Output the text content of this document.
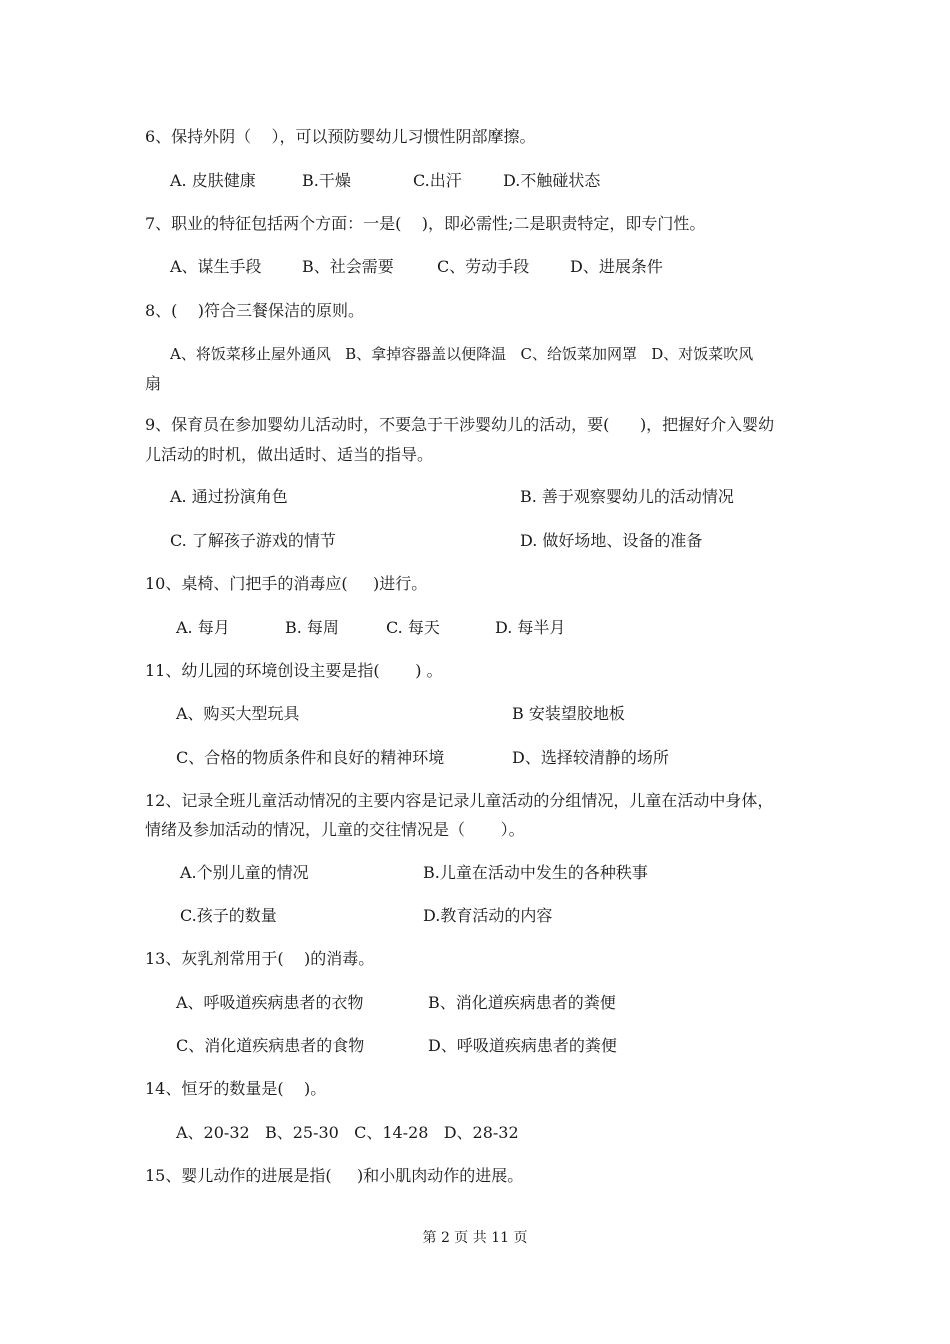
6、保持外阴（    ），可以预防婴幼儿习惯性阴部摩擦。
A. 皮肤健康	B.干燥	C.出汗	D.不触碰状态
7、职业的特征包括两个方面：一是(    )，即必需性;二是职责特定，即专门性。
A、谋生手段	B、社会需要	C、劳动手段	D、进展条件
8、(    )符合三餐保洁的原则。
A、将饭菜移止屋外通风   B、拿掉容器盖以便降温   C、给饭菜加网罩   D、对饭菜吹风
扇
9、保育员在参加婴幼儿活动时，不要急于干涉婴幼儿的活动，要(      )，把握好介入婴幼
儿活动的时机，做出适时、适当的指导。
A. 通过扮演角色	B. 善于观察婴幼儿的活动情况
C. 了解孩子游戏的情节	D. 做好场地、设备的准备
10、桌椅、门把手的消毒应(     )进行。
A. 每月	B. 每周	C. 每天	D. 每半月
11、幼儿园的环境创设主要是指(       ) 。
A、购买大型玩具	B 安装望胶地板
C、合格的物质条件和良好的精神环境	D、选择较清静的场所
12、记录全班儿童活动情况的主要内容是记录儿童活动的分组情况，儿童在活动中身体，
情绪及参加活动的情况，儿童的交往情况是（       ）。
A.个别儿童的情况	B.儿童在活动中发生的各种秩事
C.孩子的数量	D.教育活动的内容
13、灰乳剂常用于(    )的消毒。
A、呼吸道疾病患者的衣物	B、消化道疾病患者的粪便
C、消化道疾病患者的食物	D、呼吸道疾病患者的粪便
14、恒牙的数量是(    )。
A、20-32   B、25-30   C、14-28   D、28-32
15、婴儿动作的进展是指(     )和小肌肉动作的进展。
第 2 页 共 11 页
